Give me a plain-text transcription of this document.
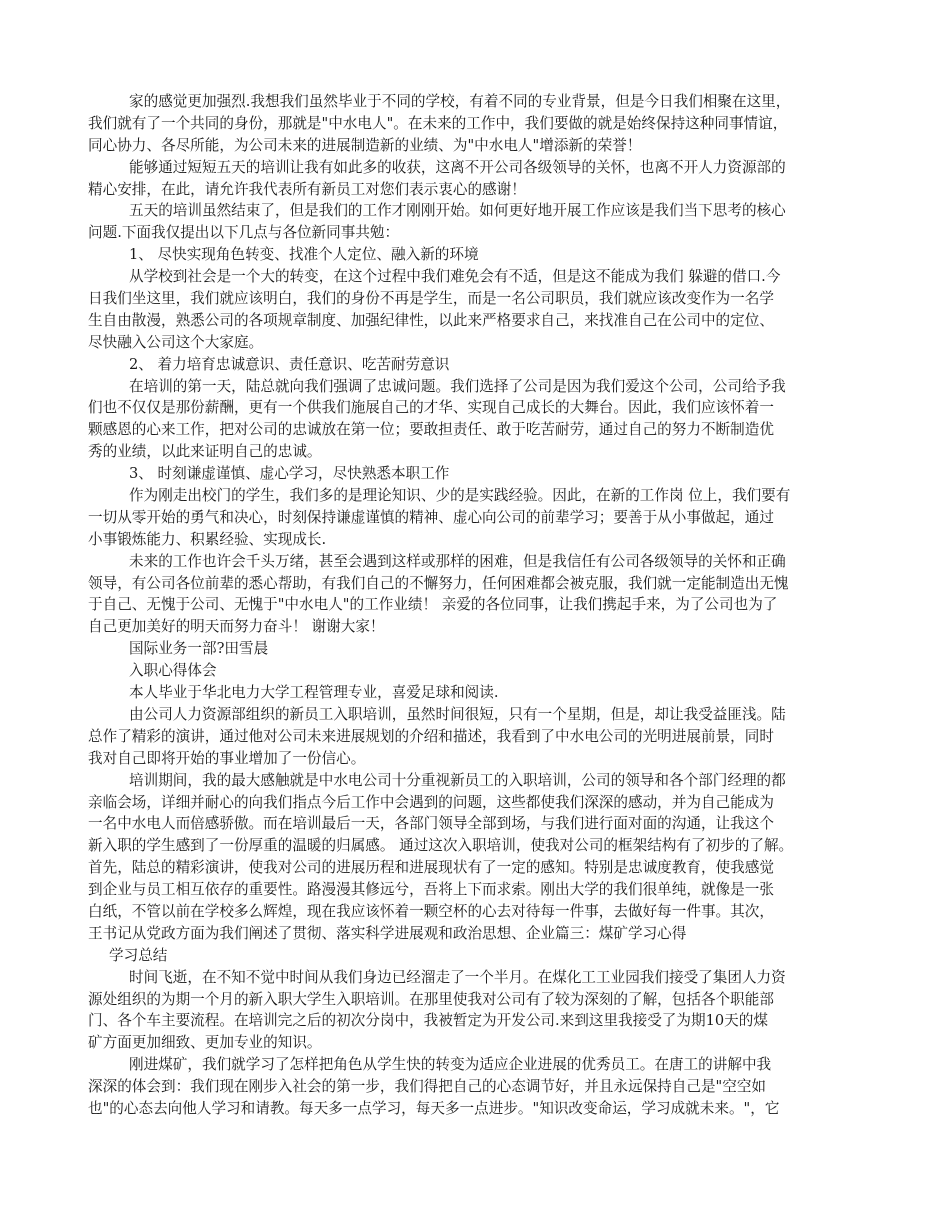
家的感觉更加强烈.我想我们虽然毕业于不同的学校，有着不同的专业背景，但是今日我们相聚在这里，
我们就有了一个共同的身份，那就是"中水电人"。在未来的工作中，我们要做的就是始终保持这种同事情谊，
同心协力、各尽所能，为公司未来的进展制造新的业绩、为"中水电人"增添新的荣誉！
能够通过短短五天的培训让我有如此多的收获，这离不开公司各级领导的关怀，也离不开人力资源部的
精心安排，在此，请允许我代表所有新员工对您们表示衷心的感谢！
五天的培训虽然结束了，但是我们的工作才刚刚开始。如何更好地开展工作应该是我们当下思考的核心
问题.下面我仅提出以下几点与各位新同事共勉：
1、 尽快实现角色转变、找准个人定位、融入新的环境
从学校到社会是一个大的转变，在这个过程中我们难免会有不适，但是这不能成为我们 躲避的借口.今
日我们坐这里，我们就应该明白，我们的身份不再是学生，而是一名公司职员，我们就应该改变作为一名学
生自由散漫，熟悉公司的各项规章制度、加强纪律性，以此来严格要求自己，来找准自己在公司中的定位、
尽快融入公司这个大家庭。
2、 着力培育忠诚意识、责任意识、吃苦耐劳意识
在培训的第一天，陆总就向我们强调了忠诚问题。我们选择了公司是因为我们爱这个公司，公司给予我
们也不仅仅是那份薪酬，更有一个供我们施展自己的才华、实现自己成长的大舞台。因此，我们应该怀着一
颗感恩的心来工作，把对公司的忠诚放在第一位；要敢担责任、敢于吃苦耐劳，通过自己的努力不断制造优
秀的业绩，以此来证明自己的忠诚。
3、 时刻谦虚谨慎、虚心学习，尽快熟悉本职工作
作为刚走出校门的学生，我们多的是理论知识、少的是实践经验。因此，在新的工作岗 位上，我们要有
一切从零开始的勇气和决心，时刻保持谦虚谨慎的精神、虚心向公司的前辈学习；要善于从小事做起，通过
小事锻炼能力、积累经验、实现成长.
未来的工作也许会千头万绪，甚至会遇到这样或那样的困难，但是我信任有公司各级领导的关怀和正确
领导，有公司各位前辈的悉心帮助，有我们自己的不懈努力，任何困难都会被克服，我们就一定能制造出无愧
于自己、无愧于公司、无愧于"中水电人"的工作业绩！ 亲爱的各位同事，让我们携起手来，为了公司也为了
自己更加美好的明天而努力奋斗！ 谢谢大家！
国际业务一部?田雪晨
入职心得体会
本人毕业于华北电力大学工程管理专业，喜爱足球和阅读.
由公司人力资源部组织的新员工入职培训，虽然时间很短，只有一个星期，但是，却让我受益匪浅。陆
总作了精彩的演讲，通过他对公司未来进展规划的介绍和描述，我看到了中水电公司的光明进展前景，同时
我对自己即将开始的事业增加了一份信心。
培训期间，我的最大感触就是中水电公司十分重视新员工的入职培训，公司的领导和各个部门经理的都
亲临会场，详细并耐心的向我们指点今后工作中会遇到的问题，这些都使我们深深的感动，并为自己能成为
一名中水电人而倍感骄傲。而在培训最后一天，各部门领导全部到场，与我们进行面对面的沟通，让我这个
新入职的学生感到了一份厚重的温暖的归属感。 通过这次入职培训，使我对公司的框架结构有了初步的了解。
首先，陆总的精彩演讲，使我对公司的进展历程和进展现状有了一定的感知。特别是忠诚度教育，使我感觉
到企业与员工相互依存的重要性。路漫漫其修远兮，吾将上下而求索。刚出大学的我们很单纯，就像是一张
白纸，不管以前在学校多么辉煌，现在我应该怀着一颗空杯的心去对待每一件事，去做好每一件事。其次，
王书记从党政方面为我们阐述了贯彻、落实科学进展观和政治思想、企业篇三：煤矿学习心得
学习总结
时间飞逝，在不知不觉中时间从我们身边已经溜走了一个半月。在煤化工工业园我们接受了集团人力资
源处组织的为期一个月的新入职大学生入职培训。在那里使我对公司有了较为深刻的了解，包括各个职能部
门、各个车主要流程。在培训完之后的初次分岗中，我被暂定为开发公司.来到这里我接受了为期10天的煤
矿方面更加细致、更加专业的知识。
刚进煤矿，我们就学习了怎样把角色从学生快的转变为适应企业进展的优秀员工。在唐工的讲解中我
深深的体会到：我们现在刚步入社会的第一步，我们得把自己的心态调节好，并且永远保持自己是"空空如
也"的心态去向他人学习和请教。每天多一点学习，每天多一点进步。"知识改变命运，学习成就未来。"，它
